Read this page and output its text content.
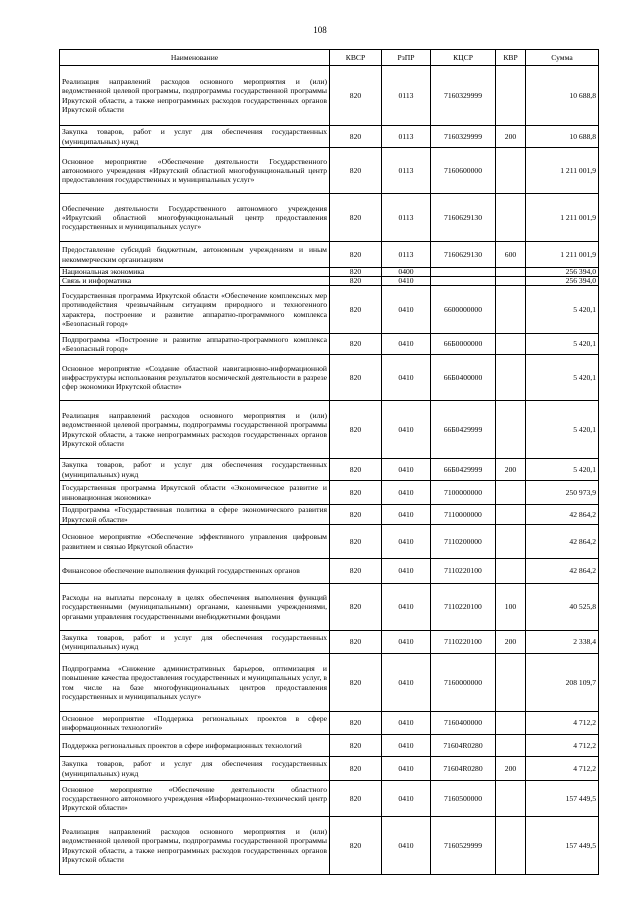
108
Наименование	КВСР	РзПР	КЦСР	КВР	Сумма
Реализация направлений расходов основного мероприятия и (или) ведомственной целевой программы, подпрограммы государственной программы Иркутской области, а также непрограммных расходов государственных органов Иркутской области	820	0113	7160329999		10 688,8
Закупка товаров, работ и услуг для обеспечения государственных (муниципальных) нужд	820	0113	7160329999	200	10 688,8
Основное мероприятие «Обеспечение деятельности Государственного автономного учреждения «Иркутский областной многофункциональный центр предоставления государственных и муниципальных услуг»	820	0113	7160600000		1 211 001,9
Обеспечение деятельности Государственного автономного учреждения «Иркутский областной многофункциональный центр предоставления государственных и муниципальных услуг»	820	0113	7160629130		1 211 001,9
Предоставление субсидий бюджетным, автономным учреждениям и иным некоммерческим организациям	820	0113	7160629130	600	1 211 001,9
Национальная экономика	820	0400			256 394,0
Связь и информатика	820	0410			256 394,0
Государственная программа Иркутской области «Обеспечение комплексных мер противодействия чрезвычайным ситуациям природного и техногенного характера, построение и развитие аппаратно-программного комплекса «Безопасный город»	820	0410	6600000000		5 420,1
Подпрограмма «Построение и развитие аппаратно-программного комплекса «Безопасный город»	820	0410	66Б0000000		5 420,1
Основное мероприятие «Создание областной навигационно-информационной инфраструктуры использования результатов космической деятельности в разрезе сфер экономики Иркутской области»	820	0410	66Б0400000		5 420,1
Реализация направлений расходов основного мероприятия и (или) ведомственной целевой программы, подпрограммы государственной программы Иркутской области, а также непрограммных расходов государственных органов Иркутской области	820	0410	66Б0429999		5 420,1
Закупка товаров, работ и услуг для обеспечения государственных (муниципальных) нужд	820	0410	66Б0429999	200	5 420,1
Государственная программа Иркутской области «Экономическое развитие и инновационная экономика»	820	0410	7100000000		250 973,9
Подпрограмма «Государственная политика в сфере экономического развития Иркутской области»	820	0410	7110000000		42 864,2
Основное мероприятие «Обеспечение эффективного управления цифровым развитием и связью Иркутской области»	820	0410	7110200000		42 864,2
Финансовое обеспечение выполнения функций государственных органов	820	0410	7110220100		42 864,2
Расходы на выплаты персоналу в целях обеспечения выполнения функций государственными (муниципальными) органами, казенными учреждениями, органами управления государственными внебюджетными фондами	820	0410	7110220100	100	40 525,8
Закупка товаров, работ и услуг для обеспечения государственных (муниципальных) нужд	820	0410	7110220100	200	2 338,4
Подпрограмма «Снижение административных барьеров, оптимизация и повышение качества предоставления государственных и муниципальных услуг, в том числе на базе многофункциональных центров предоставления государственных и муниципальных услуг»	820	0410	7160000000		208 109,7
Основное мероприятие «Поддержка региональных проектов в сфере информационных технологий»	820	0410	7160400000		4 712,2
Поддержка региональных проектов в сфере информационных технологий	820	0410	71604R0280		4 712,2
Закупка товаров, работ и услуг для обеспечения государственных (муниципальных) нужд	820	0410	71604R0280	200	4 712,2
Основное мероприятие «Обеспечение деятельности областного государственного автономного учреждения «Информационно-технический центр Иркутской области»	820	0410	7160500000		157 449,5
Реализация направлений расходов основного мероприятия и (или) ведомственной целевой программы, подпрограммы государственной программы Иркутской области, а также непрограммных расходов государственных органов Иркутской области	820	0410	7160529999		157 449,5
